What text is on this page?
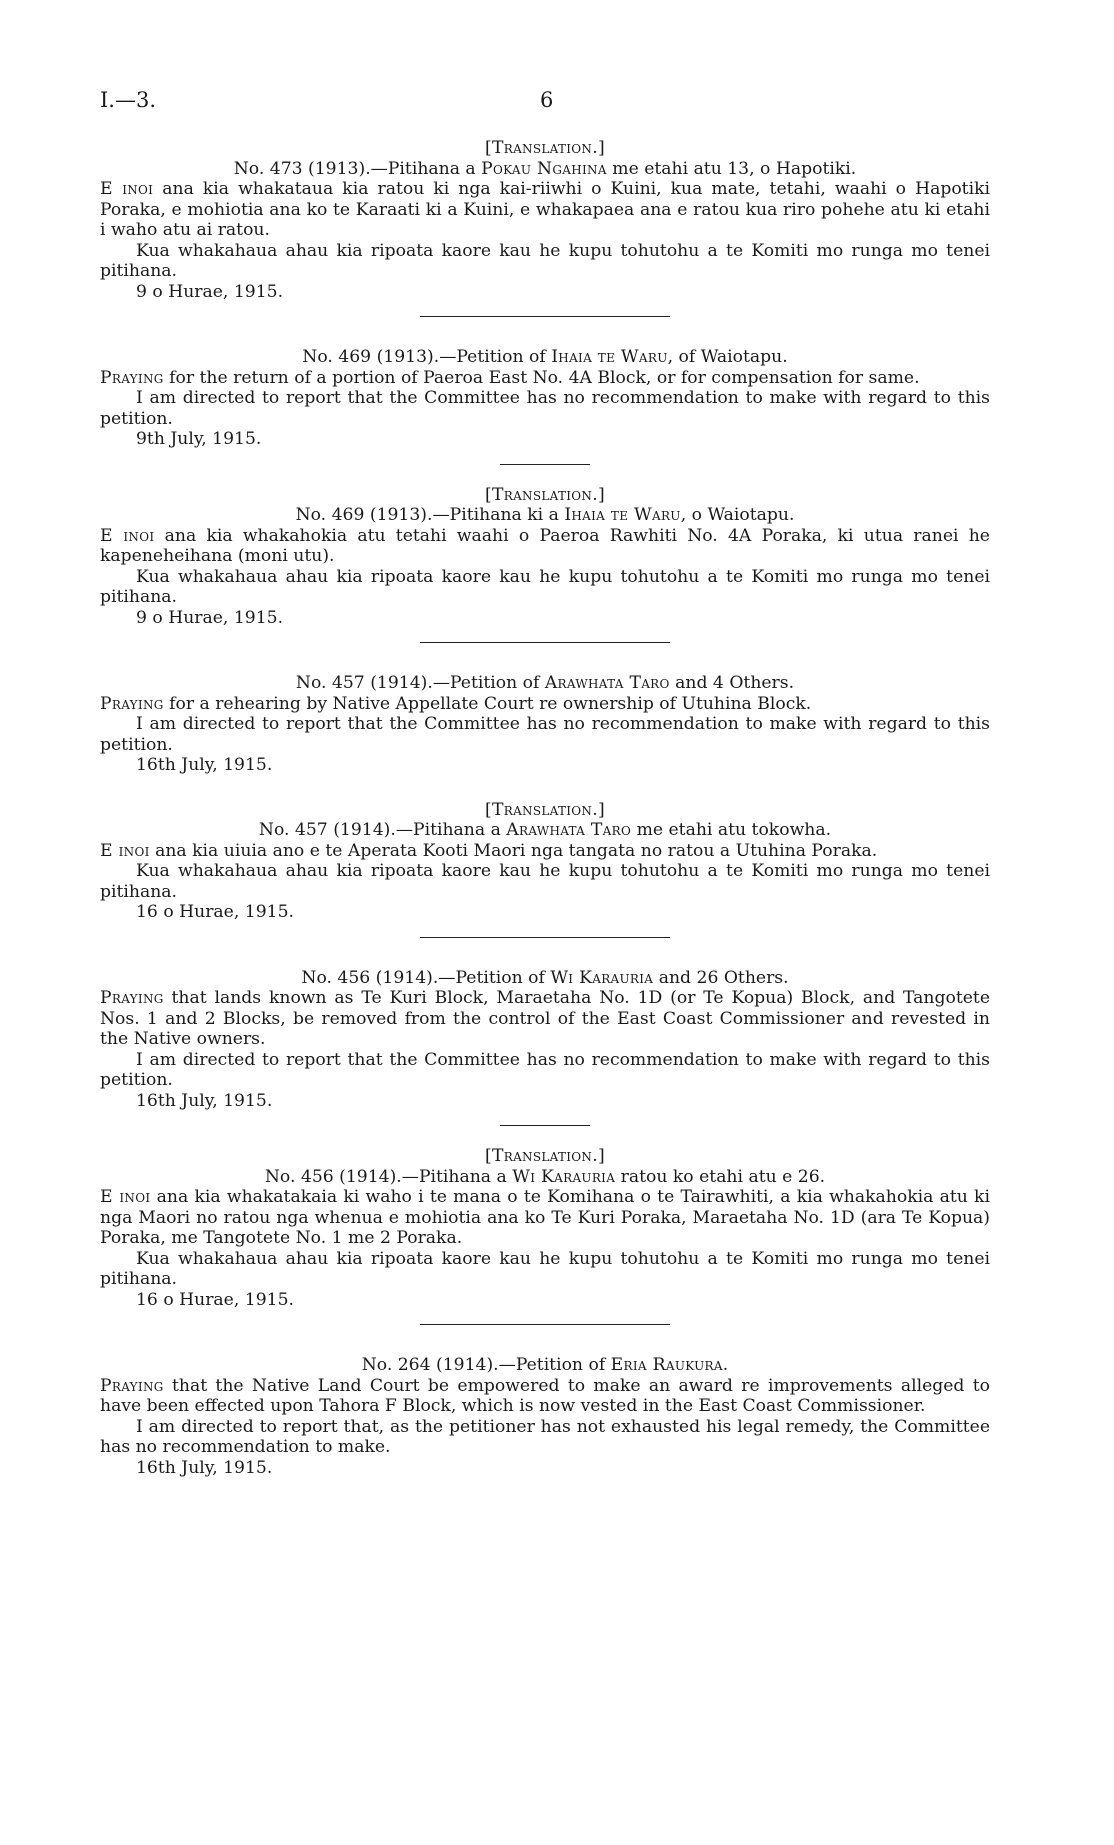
I.—3.	6
[Translation.]
No. 473 (1913).—Pitihana a Pokau Ngahina me etahi atu 13, o Hapotiki.

E inoi ana kia whakataua kia ratou ki nga kai-riiwhi o Kuini, kua mate, tetahi, waahi o Hapotiki Poraka, e mohiotia ana ko te Karaati ki a Kuini, e whakapaea ana e ratou kua riro pohehe atu ki etahi i waho atu ai ratou.

Kua whakahaua ahau kia ripoata kaore kau he kupu tohutohu a te Komiti mo runga mo tenei pitihana.

9 o Hurae, 1915.
No. 469 (1913).—Petition of Ihaia te Waru, of Waiotapu.

Praying for the return of a portion of Paeroa East No. 4A Block, or for compensation for same.

I am directed to report that the Committee has no recommendation to make with regard to this petition.

9th July, 1915.
[Translation.]
No. 469 (1913).—Pitihana ki a Ihaia te Waru, o Waiotapu.

E inoi ana kia whakahokia atu tetahi waahi o Paeroa Rawhiti No. 4A Poraka, ki utua ranei he kapeneheihana (moni utu).

Kua whakahaua ahau kia ripoata kaore kau he kupu tohutohu a te Komiti mo runga mo tenei pitihana.

9 o Hurae, 1915.
No. 457 (1914).—Petition of Arawhata Taro and 4 Others.

Praying for a rehearing by Native Appellate Court re ownership of Utuhina Block.

I am directed to report that the Committee has no recommendation to make with regard to this petition.

16th July, 1915.
[Translation.]
No. 457 (1914).—Pitihana a Arawhata Taro me etahi atu tokowha.

E inoi ana kia uiuia ano e te Aperata Kooti Maori nga tangata no ratou a Utuhina Poraka.

Kua whakahaua ahau kia ripoata kaore kau he kupu tohutohu a te Komiti mo runga mo tenei pitihana.

16 o Hurae, 1915.
No. 456 (1914).—Petition of Wi Karauria and 26 Others.

Praying that lands known as Te Kuri Block, Maraetaha No. 1D (or Te Kopua) Block, and Tangotete Nos. 1 and 2 Blocks, be removed from the control of the East Coast Commissioner and revested in the Native owners.

I am directed to report that the Committee has no recommendation to make with regard to this petition.

16th July, 1915.
[Translation.]
No. 456 (1914).—Pitihana a Wi Karauria ratou ko etahi atu e 26.

E inoi ana kia whakatakaia ki waho i te mana o te Komihana o te Tairawhiti, a kia whakahokia atu ki nga Maori no ratou nga whenua e mohiotia ana ko Te Kuri Poraka, Maraetaha No. 1D (ara Te Kopua) Poraka, me Tangotete No. 1 me 2 Poraka.

Kua whakahaua ahau kia ripoata kaore kau he kupu tohutohu a te Komiti mo runga mo tenei pitihana.

16 o Hurae, 1915.
No. 264 (1914).—Petition of Eria Raukura.

Praying that the Native Land Court be empowered to make an award re improvements alleged to have been effected upon Tahora F Block, which is now vested in the East Coast Commissioner.

I am directed to report that, as the petitioner has not exhausted his legal remedy, the Committee has no recommendation to make.

16th July, 1915.
